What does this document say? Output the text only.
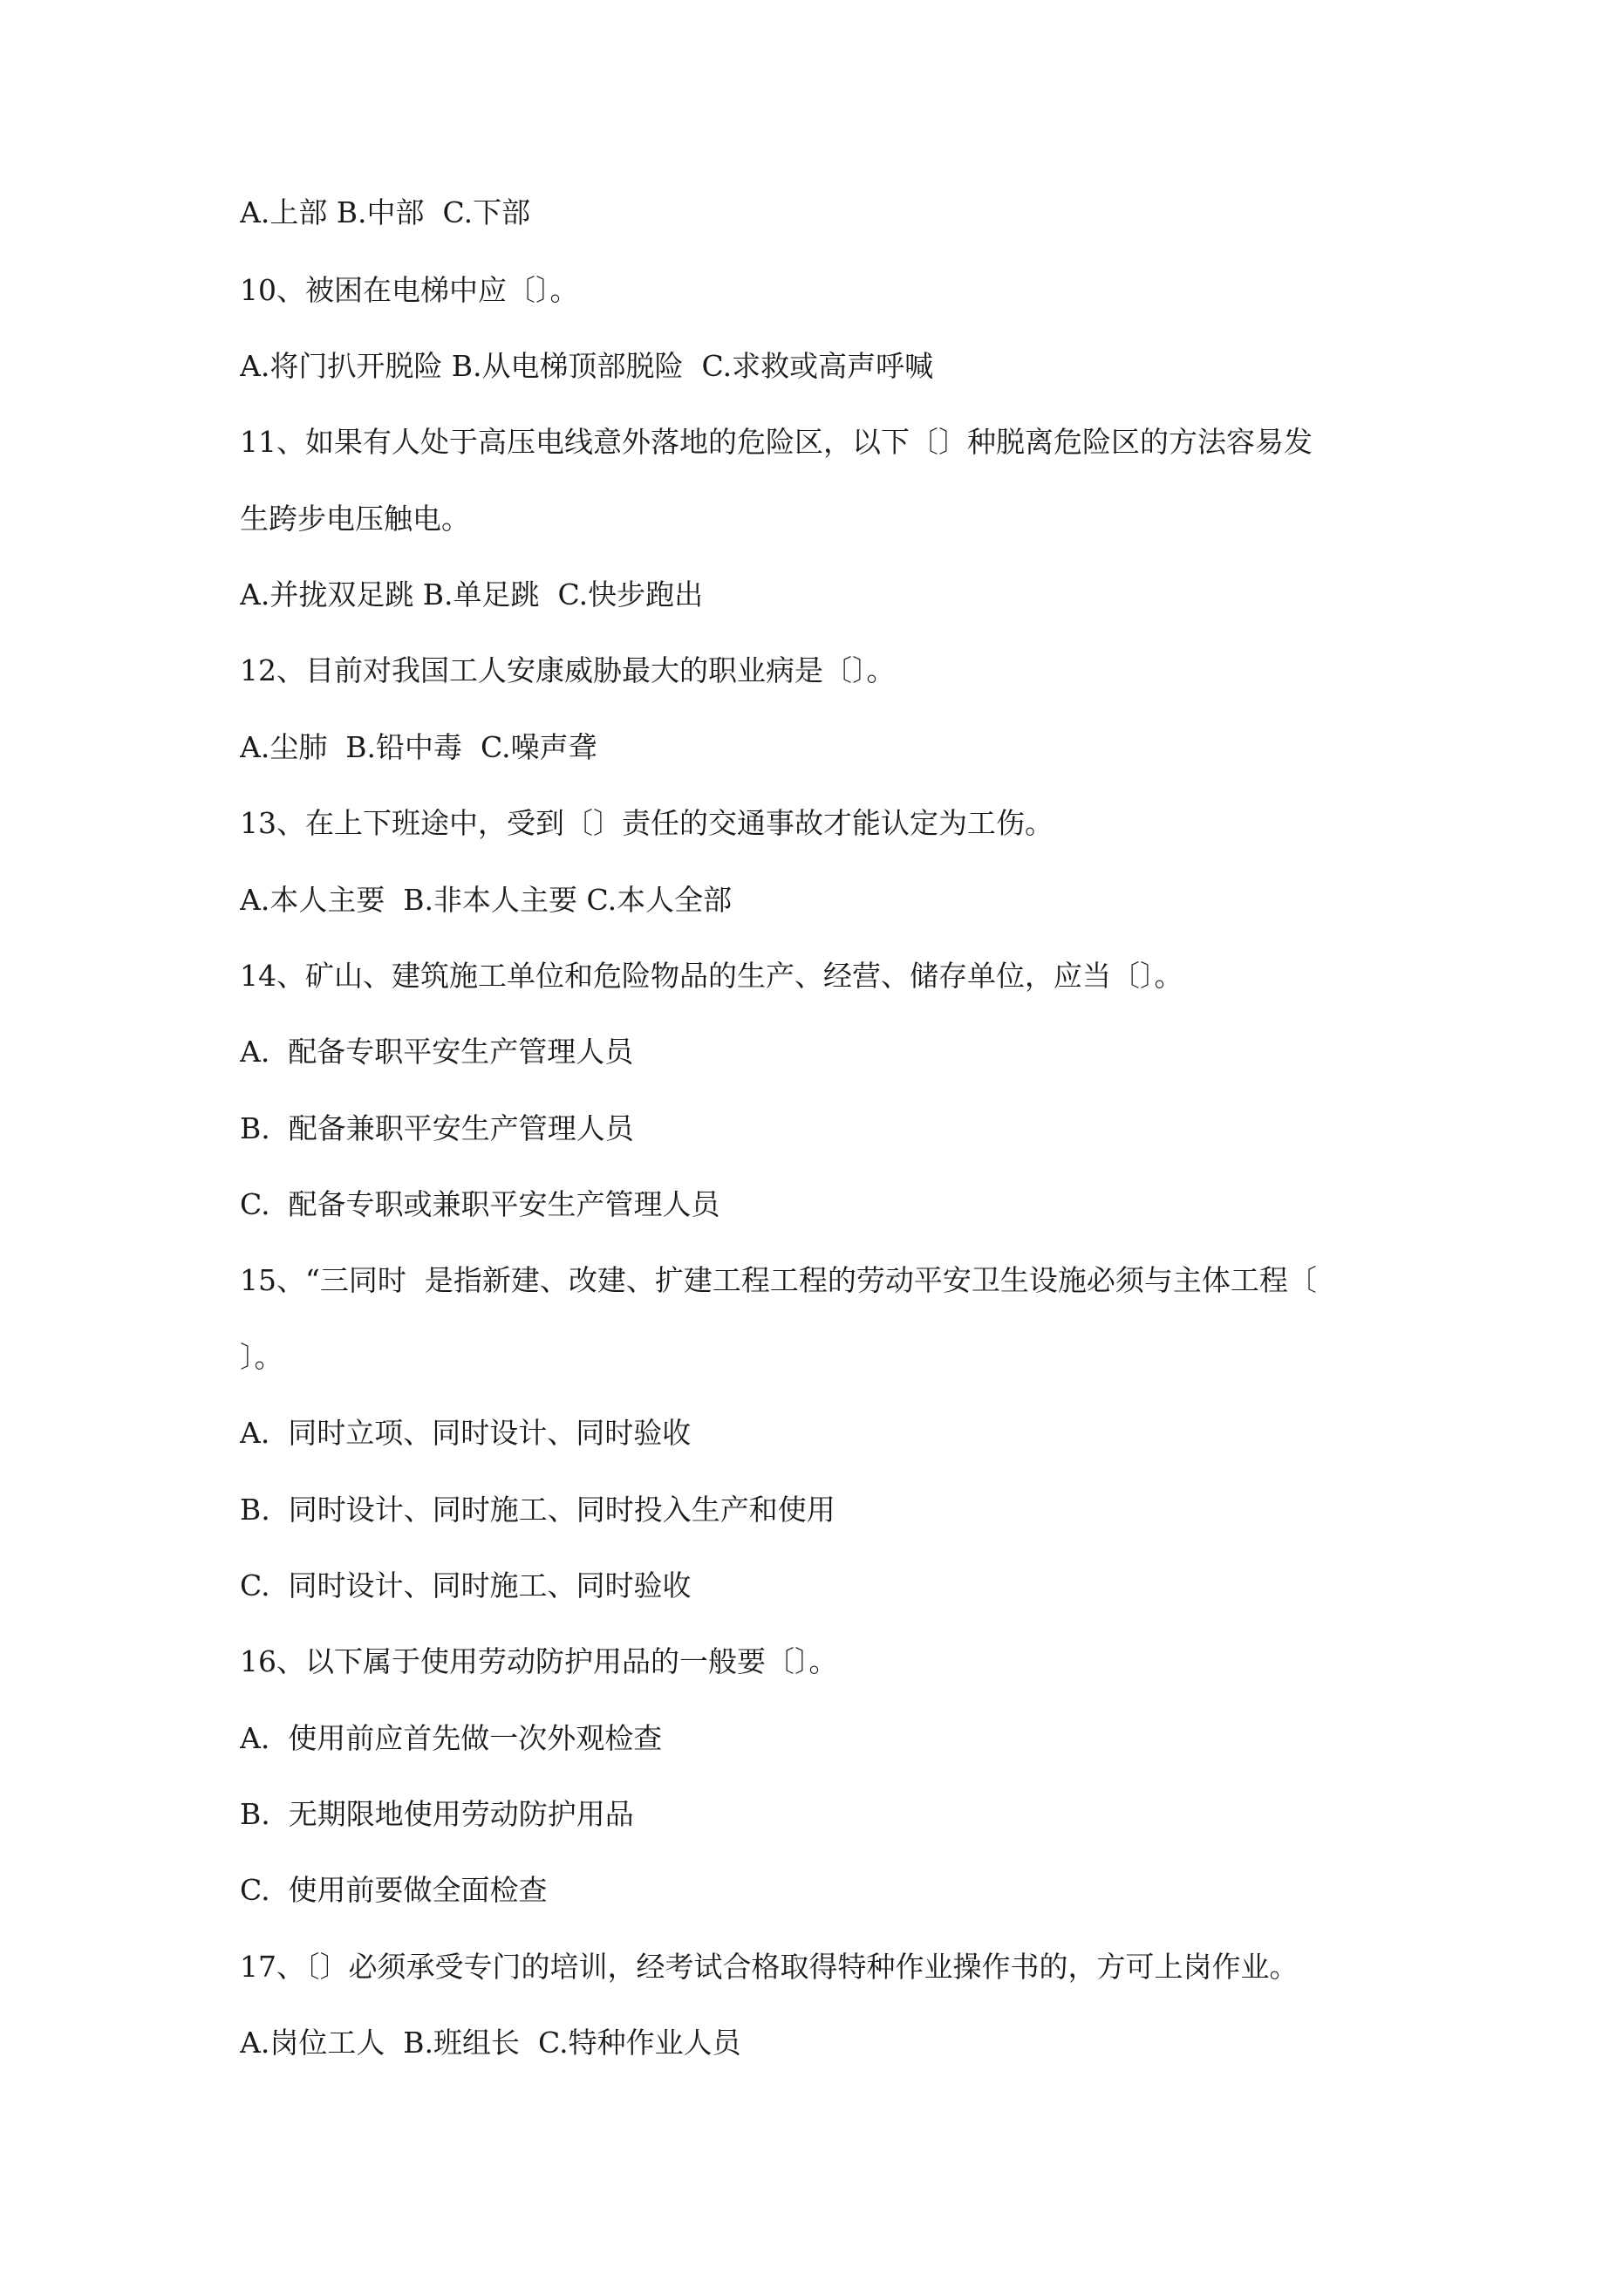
A.上部 B.中部  C.下部
10、被困在电梯中应〔〕。
A.将门扒开脱险 B.从电梯顶部脱险  C.求救或高声呼喊
11、如果有人处于高压电线意外落地的危险区，以下〔〕种脱离危险区的方法容易发
生跨步电压触电。
A.并拢双足跳 B.单足跳  C.快步跑出
12、目前对我国工人安康威胁最大的职业病是〔〕。
A.尘肺  B.铅中毒  C.噪声聋
13、在上下班途中，受到〔〕责任的交通事故才能认定为工伤。
A.本人主要  B.非本人主要 C.本人全部
14、矿山、建筑施工单位和危险物品的生产、经营、储存单位，应当〔〕。
A.  配备专职平安生产管理人员
B.  配备兼职平安生产管理人员
C.  配备专职或兼职平安生产管理人员
15、“三同时  是指新建、改建、扩建工程工程的劳动平安卫生设施必须与主体工程〔
〕。
A.  同时立项、同时设计、同时验收
B.  同时设计、同时施工、同时投入生产和使用
C.  同时设计、同时施工、同时验收
16、以下属于使用劳动防护用品的一般要〔〕。
A.  使用前应首先做一次外观检查
B.  无期限地使用劳动防护用品
C.  使用前要做全面检查
17、〔〕必须承受专门的培训，经考试合格取得特种作业操作书的，方可上岗作业。
A.岗位工人  B.班组长  C.特种作业人员
